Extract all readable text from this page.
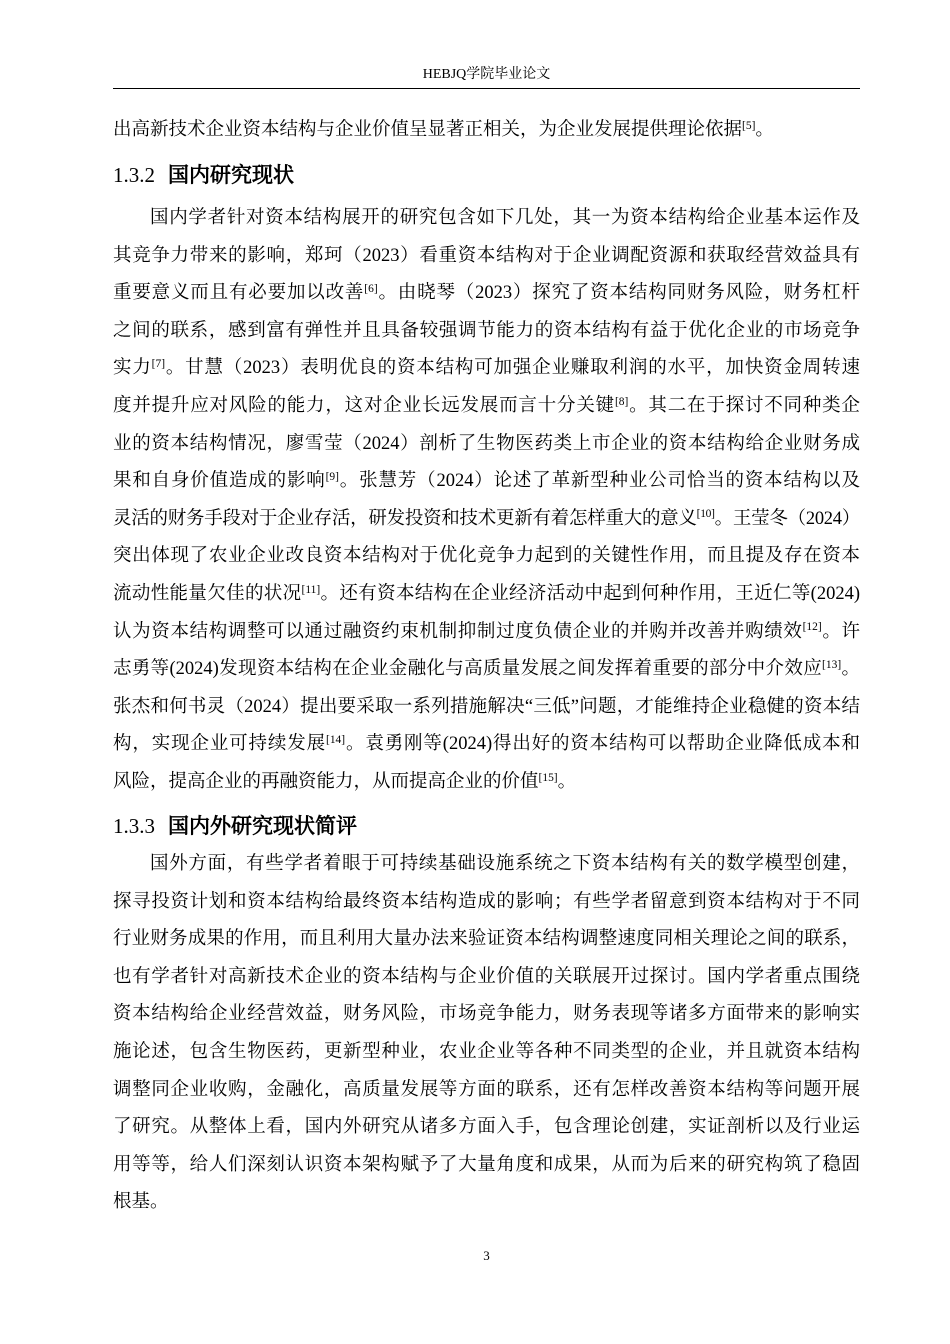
HEBJQ学院毕业论文
出高新技术企业资本结构与企业价值呈显著正相关，为企业发展提供理论依据[5]。
1.3.2 国内研究现状
国内学者针对资本结构展开的研究包含如下几处，其一为资本结构给企业基本运作及
其竞争力带来的影响，郑珂（2023）看重资本结构对于企业调配资源和获取经营效益具有
重要意义而且有必要加以改善[6]。由晓琴（2023）探究了资本结构同财务风险，财务杠杆
之间的联系，感到富有弹性并且具备较强调节能力的资本结构有益于优化企业的市场竞争
实力[7]。甘慧（2023）表明优良的资本结构可加强企业赚取利润的水平，加快资金周转速
度并提升应对风险的能力，这对企业长远发展而言十分关键[8]。其二在于探讨不同种类企
业的资本结构情况，廖雪莹（2024）剖析了生物医药类上市企业的资本结构给企业财务成
果和自身价值造成的影响[9]。张慧芳（2024）论述了革新型种业公司恰当的资本结构以及
灵活的财务手段对于企业存活，研发投资和技术更新有着怎样重大的意义[10]。王莹冬（2024）
突出体现了农业企业改良资本结构对于优化竞争力起到的关键性作用，而且提及存在资本
流动性能量欠佳的状况[11]。还有资本结构在企业经济活动中起到何种作用，王近仁等(2024)
认为资本结构调整可以通过融资约束机制抑制过度负债企业的并购并改善并购绩效[12]。许
志勇等(2024)发现资本结构在企业金融化与高质量发展之间发挥着重要的部分中介效应[13]。
张杰和何书灵（2024）提出要采取一系列措施解决“三低”问题，才能维持企业稳健的资本结
构，实现企业可持续发展[14]。袁勇刚等(2024)得出好的资本结构可以帮助企业降低成本和
风险，提高企业的再融资能力，从而提高企业的价值[15]。
1.3.3 国内外研究现状简评
国外方面，有些学者着眼于可持续基础设施系统之下资本结构有关的数学模型创建，
探寻投资计划和资本结构给最终资本结构造成的影响；有些学者留意到资本结构对于不同
行业财务成果的作用，而且利用大量办法来验证资本结构调整速度同相关理论之间的联系，
也有学者针对高新技术企业的资本结构与企业价值的关联展开过探讨。国内学者重点围绕
资本结构给企业经营效益，财务风险，市场竞争能力，财务表现等诸多方面带来的影响实
施论述，包含生物医药，更新型种业，农业企业等各种不同类型的企业，并且就资本结构
调整同企业收购，金融化，高质量发展等方面的联系，还有怎样改善资本结构等问题开展
了研究。从整体上看，国内外研究从诸多方面入手，包含理论创建，实证剖析以及行业运
用等等，给人们深刻认识资本架构赋予了大量角度和成果，从而为后来的研究构筑了稳固
根基。
3
